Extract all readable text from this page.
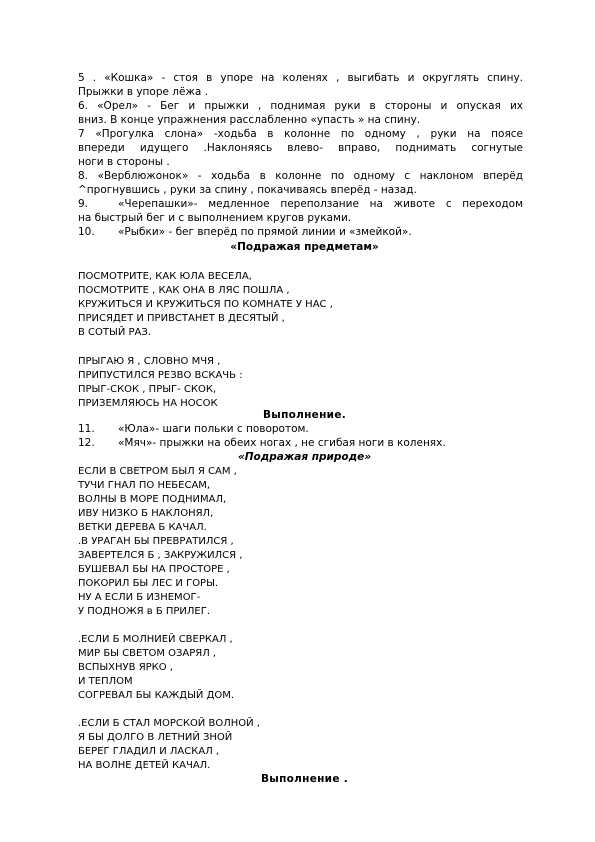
5 . «Кошка» - стоя в упоре на коленях , выгибать и округлять спину.
Прыжки в упоре лёжа .
6. «Орел» - Бег и прыжки , поднимая руки в стороны и опуская их
вниз. В конце упражнения расслабленно «упасть » на спину.
7 «Прогулка слона» -ходьба в колонне по одному , руки на поясе
впереди идущего .Наклоняясь влево- вправо, поднимать согнутые
ноги в стороны .
8. «Верблюжонок» - ходьба в колонне по одному с наклоном вперёд
^прогнувшись , руки за спину , покачиваясь вперёд - назад.
9.	«Черепашки»- медленное переползание на животе с переходом
на быстрый бег и с выполнением кругов руками.
10. «Рыбки» - бег вперёд по прямой линии и «змейкой».
«Подражая предметам»
ПОСМОТРИТЕ, КАК ЮЛА ВЕСЕЛА,
ПОСМОТРИТЕ , КАК ОНА В ЛЯС ПОШЛА ,
КРУЖИТЬСЯ И КРУЖИТЬСЯ ПО КОМНАТЕ У НАС ,
ПРИСЯДЕТ И ПРИВСТАНЕТ В ДЕСЯТЫЙ ,
В СОТЫЙ РАЗ.
ПРЫГАЮ Я , СЛОВНО МЧЯ ,
ПРИПУСТИЛСЯ РЕЗВО ВСКАЧЬ :
ПРЫГ-СКОК , ПРЫГ- СКОК,
ПРИЗЕМЛЯЮСЬ НА НОСОК
Выполнение.
11. «Юла»- шаги польки с поворотом.
12. «Мяч»- прыжки на обеих ногах , не сгибая ноги в коленях.
«Подражая природе»
ЕСЛИ В СВЕТРОМ БЫЛ Я САМ ,
ТУЧИ ГНАЛ ПО НЕБЕСАМ,
ВОЛНЫ В МОРЕ ПОДНИМАЛ,
ИВУ НИЗКО Б НАКЛОНЯЛ,
ВЕТКИ ДЕРЕВА Б КАЧАЛ.
.В УРАГАН БЫ ПРЕВРАТИЛСЯ ,
ЗАВЕРТЕЛСЯ Б , ЗАКРУЖИЛСЯ ,
БУШЕВАЛ БЫ НА ПРОСТОРЕ ,
ПОКОРИЛ БЫ ЛЕС И ГОРЫ.
НУ А ЕСЛИ Б ИЗНЕМОГ-
У ПОДНОЖЯ в Б ПРИЛЕГ.
.ЕСЛИ Б МОЛНИЕЙ СВЕРКАЛ ,
МИР БЫ СВЕТОМ ОЗАРЯЛ ,
ВСПЫХНУВ ЯРКО ,
И ТЕПЛОМ
СОГРЕВАЛ БЫ КАЖДЫЙ ДОМ.
.ЕСЛИ Б СТАЛ МОРСКОЙ ВОЛНОЙ ,
Я БЫ ДОЛГО В ЛЕТНИЙ ЗНОЙ
БЕРЕГ ГЛАДИЛ И ЛАСКАЛ ,
НА ВОЛНЕ ДЕТЕЙ КАЧАЛ.
Выполнение .
